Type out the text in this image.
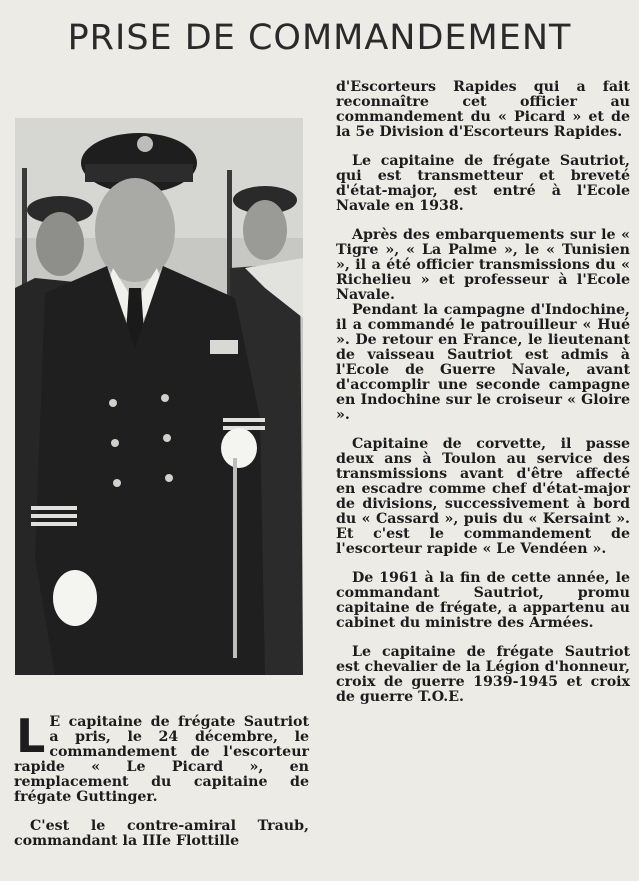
PRISE DE COMMANDEMENT

L E capitaine de frégate Sautriot a pris, le 24 décembre, le commandement de l'escorteur rapide « Le Picard », en remplacement du capitaine de frégate Guttinger.

C'est le contre-amiral Traub, commandant la IIIe Flottille

d'Escorteurs Rapides qui a fait reconnaître cet officier au commandement du « Picard » et de la 5e Division d'Escorteurs Rapides.

Le capitaine de frégate Sautriot, qui est transmetteur et breveté d'état-major, est entré à l'Ecole Navale en 1938.

Après des embarquements sur le « Tigre », « La Palme », le « Tunisien », il a été officier transmissions du « Richelieu » et professeur à l'Ecole Navale.

Pendant la campagne d'Indochine, il a commandé le patrouilleur « Hué ». De retour en France, le lieutenant de vaisseau Sautriot est admis à l'Ecole de Guerre Navale, avant d'accomplir une seconde campagne en Indochine sur le croiseur « Gloire ».

Capitaine de corvette, il passe deux ans à Toulon au service des transmissions avant d'être affecté en escadre comme chef d'état-major de divisions, successivement à bord du « Cassard », puis du « Kersaint ». Et c'est le commandement de l'escorteur rapide « Le Vendéen ».

De 1961 à la fin de cette année, le commandant Sautriot, promu capitaine de frégate, a appartenu au cabinet du ministre des Armées.

Le capitaine de frégate Sautriot est chevalier de la Légion d'honneur, croix de guerre 1939-1945 et croix de guerre T.O.E.
